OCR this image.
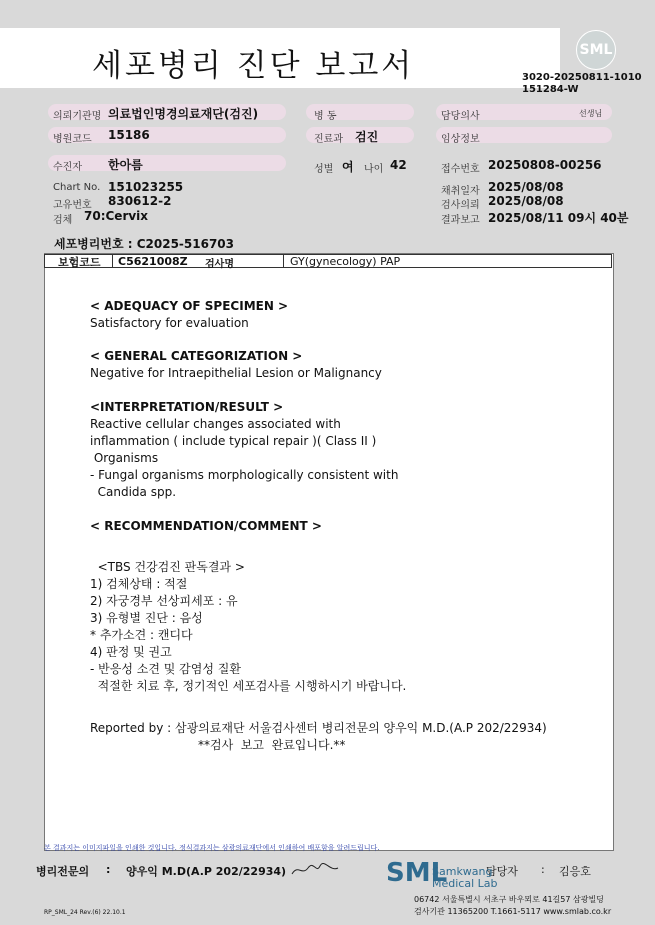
세포병리 진단 보고서	SML
3020-20250811-1010
151284-W
의뢰기관명 의료법인명경의료재단(검진)	병 동	담당의사	선생님
병원코드 15186	진료과 검진	임상정보
수진자 한아름	성별 여 나이 42	접수번호 20250808-00256
Chart No. 151023255
고유번호 830612-2
검체 70:Cervix
채취일자 2025/08/08
검사의뢰 2025/08/08
결과보고 2025/08/11 09시 40분
세포병리번호 : C2025-516703
보험코드 C5621008Z 검사명	GY(gynecology) PAP
< ADEQUACY OF SPECIMEN >
Satisfactory for evaluation
< GENERAL CATEGORIZATION >
Negative for Intraepithelial Lesion or Malignancy
<INTERPRETATION/RESULT >
Reactive cellular changes associated with
inflammation ( include typical repair )( Class II )
Organisms
- Fungal organisms morphologically consistent with
Candida spp.
< RECOMMENDATION/COMMENT >
<TBS 건강검진 판독결과 >
1) 검체상태 : 적절
2) 자궁경부 선상피세포 : 유
3) 유형별 진단 : 음성
* 추가소견 : 캔디다
4) 판정 및 권고
- 반응성 소견 및 감염성 질환
적절한 치료 후, 정기적인 세포검사를 시행하시기 바랍니다.
Reported by : 삼광의료재단 서울검사센터 병리전문의 양우익 M.D.(A.P 202/22934)
**검사  보고  완료입니다.**
본 결과지는 이미지파일을 인쇄한 것입니다. 정식결과지는 삼광의료재단에서 인쇄하여 배포함을 알려드립니다.
병리전문의 : 양우익 M.D(A.P 202/22934)	담당자 : 김응호
SML
Samkwang
Medical Lab
06742 서울특별시 서초구 바우뫼로 41길57 삼광빌딩
검사기관 11365200 T.1661-5117 www.smlab.co.kr
RP_SML_24 Rev.(6) 22.10.1
